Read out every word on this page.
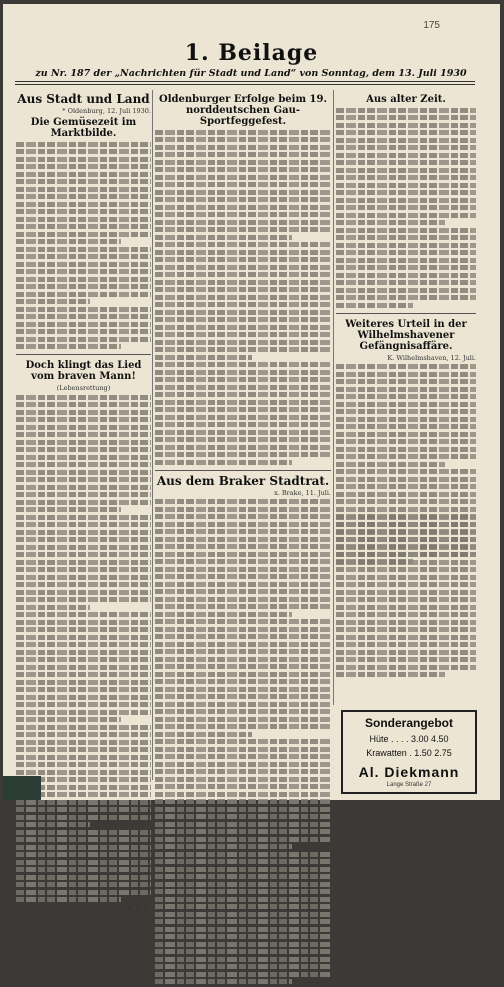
175
1. Beilage
zu Nr. 187 der „Nachrichten für Stadt und Land“ von Sonntag, dem 13. Juli 1930
Aus Stadt und Land
* Oldenburg, 12. Juli 1930.
Die Gemüsezeit im Marktbilde.
Doch klingt das Lied vom braven Mann!
(Lebensrettung)
K. K–B.
Oldenburger Erfolge beim 19. norddeutschen Gau-Sportfeggefest.
Aus dem Braker Stadtrat.
x. Brake, 11. Juli.
Aus alter Zeit.
Weiteres Urteil in der Wilhelmshavener Gefängnisaffäre.
K. Wilhelmshaven, 12. Juli.
Sonderangebot
Hüte . . . . 3.00 4.50
Krawatten . 1.50 2.75
Al. Diekmann
Lange Straße 27
